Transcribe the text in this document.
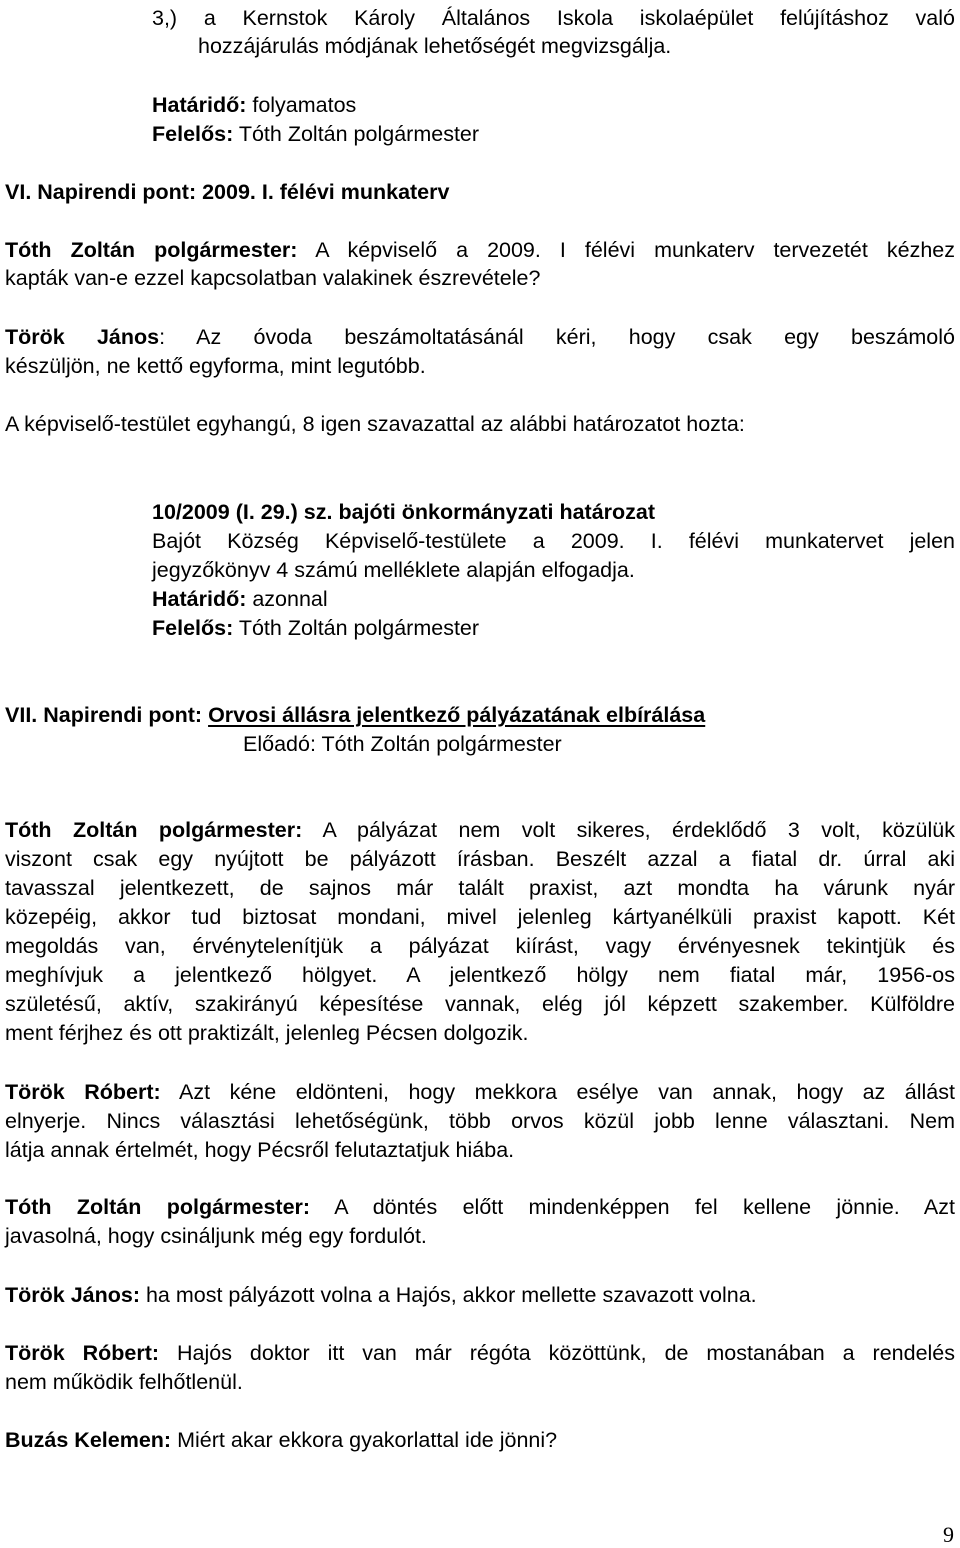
3,) a Kernstok Károly Általános Iskola iskolaépület felújításhoz való
hozzájárulás módjának lehetőségét megvizsgálja.
Határidő: folyamatos
Felelős: Tóth Zoltán polgármester
VI. Napirendi pont: 2009. I. félévi munkaterv
Tóth Zoltán polgármester: A képviselő a 2009. I félévi munkaterv tervezetét kézhez
kapták van-e ezzel kapcsolatban valakinek észrevétele?
Török János: Az óvoda beszámoltatásánál kéri, hogy csak egy beszámoló
készüljön, ne kettő egyforma, mint legutóbb.
A képviselő-testület egyhangú, 8 igen szavazattal az alábbi határozatot hozta:
10/2009 (I. 29.) sz. bajóti önkormányzati határozat
Bajót Község Képviselő-testülete a 2009. I. félévi munkatervet jelen
jegyzőkönyv 4 számú melléklete alapján elfogadja.
Határidő: azonnal
Felelős: Tóth Zoltán polgármester
VII. Napirendi pont: Orvosi állásra jelentkező pályázatának elbírálása
Előadó: Tóth Zoltán polgármester
Tóth Zoltán polgármester: A pályázat nem volt sikeres, érdeklődő 3 volt, közülük
viszont csak egy nyújtott be pályázott írásban. Beszélt azzal a fiatal dr. úrral aki
tavasszal jelentkezett, de sajnos már talált praxist, azt mondta ha várunk nyár
közepéig, akkor tud biztosat mondani, mivel jelenleg kártyanélküli praxist kapott. Két
megoldás van, érvénytelenítjük a pályázat kiírást, vagy érvényesnek tekintjük és
meghívjuk a jelentkező hölgyet. A jelentkező hölgy nem fiatal már, 1956-os
születésű, aktív, szakirányú képesítése vannak, elég jól képzett szakember. Külföldre
ment férjhez és ott praktizált, jelenleg Pécsen dolgozik.
Török Róbert: Azt kéne eldönteni, hogy mekkora esélye van annak, hogy az állást
elnyerje. Nincs választási lehetőségünk, több orvos közül jobb lenne választani. Nem
látja annak értelmét, hogy Pécsről felutaztatjuk hiába.
Tóth Zoltán polgármester: A döntés előtt mindenképpen fel kellene jönnie. Azt
javasolná, hogy csináljunk még egy fordulót.
Török János: ha most pályázott volna a Hajós, akkor mellette szavazott volna.
Török Róbert: Hajós doktor itt van már régóta közöttünk, de mostanában a rendelés
nem működik felhőtlenül.
Buzás Kelemen: Miért akar ekkora gyakorlattal ide jönni?
9
